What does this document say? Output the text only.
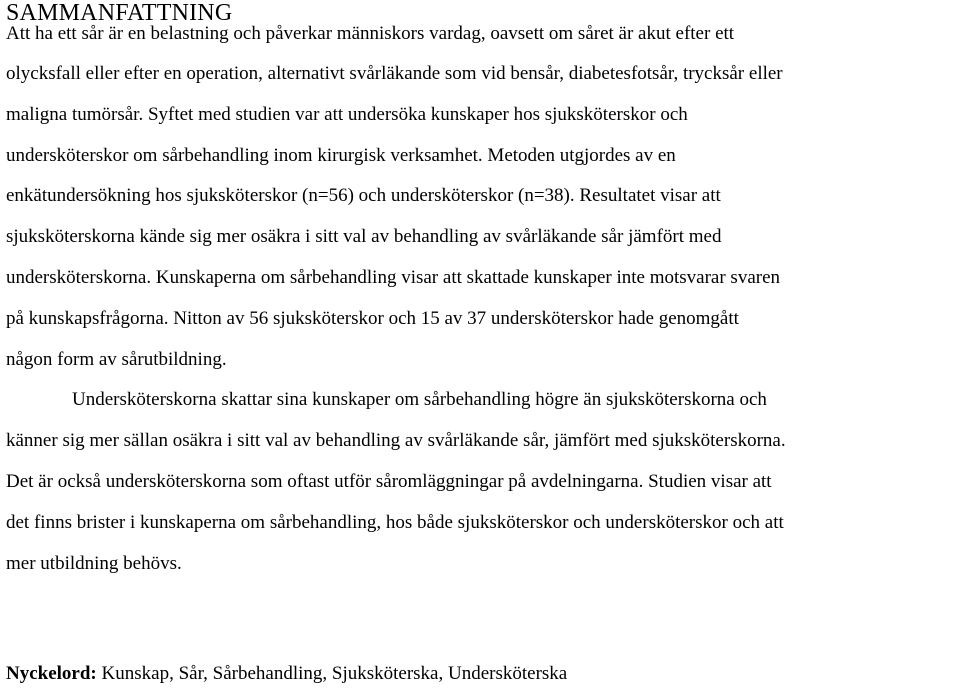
SAMMANFATTNING

Att ha ett sår är en belastning och påverkar människors vardag, oavsett om såret är akut efter ett
olycksfall eller efter en operation, alternativt svårläkande som vid bensår, diabetesfotsår, trycksår eller
maligna tumörsår. Syftet med studien var att undersöka kunskaper hos sjuksköterskor och
undersköterskor om sårbehandling inom kirurgisk verksamhet. Metoden utgjordes av en
enkätundersökning hos sjuksköterskor (n=56) och undersköterskor (n=38). Resultatet visar att
sjuksköterskorna kände sig mer osäkra i sitt val av behandling av svårläkande sår jämfört med
undersköterskorna. Kunskaperna om sårbehandling visar att skattade kunskaper inte motsvarar svaren
på kunskapsfrågorna. Nitton av 56 sjuksköterskor och 15 av 37 undersköterskor hade genomgått
någon form av sårutbildning.

Undersköterskorna skattar sina kunskaper om sårbehandling högre än sjuksköterskorna och
känner sig mer sällan osäkra i sitt val av behandling av svårläkande sår, jämfört med sjuksköterskorna.
Det är också undersköterskorna som oftast utför såromläggningar på avdelningarna. Studien visar att
det finns brister i kunskaperna om sårbehandling, hos både sjuksköterskor och undersköterskor och att
mer utbildning behövs.

Nyckelord: Kunskap, Sår, Sårbehandling, Sjuksköterska, Undersköterska
